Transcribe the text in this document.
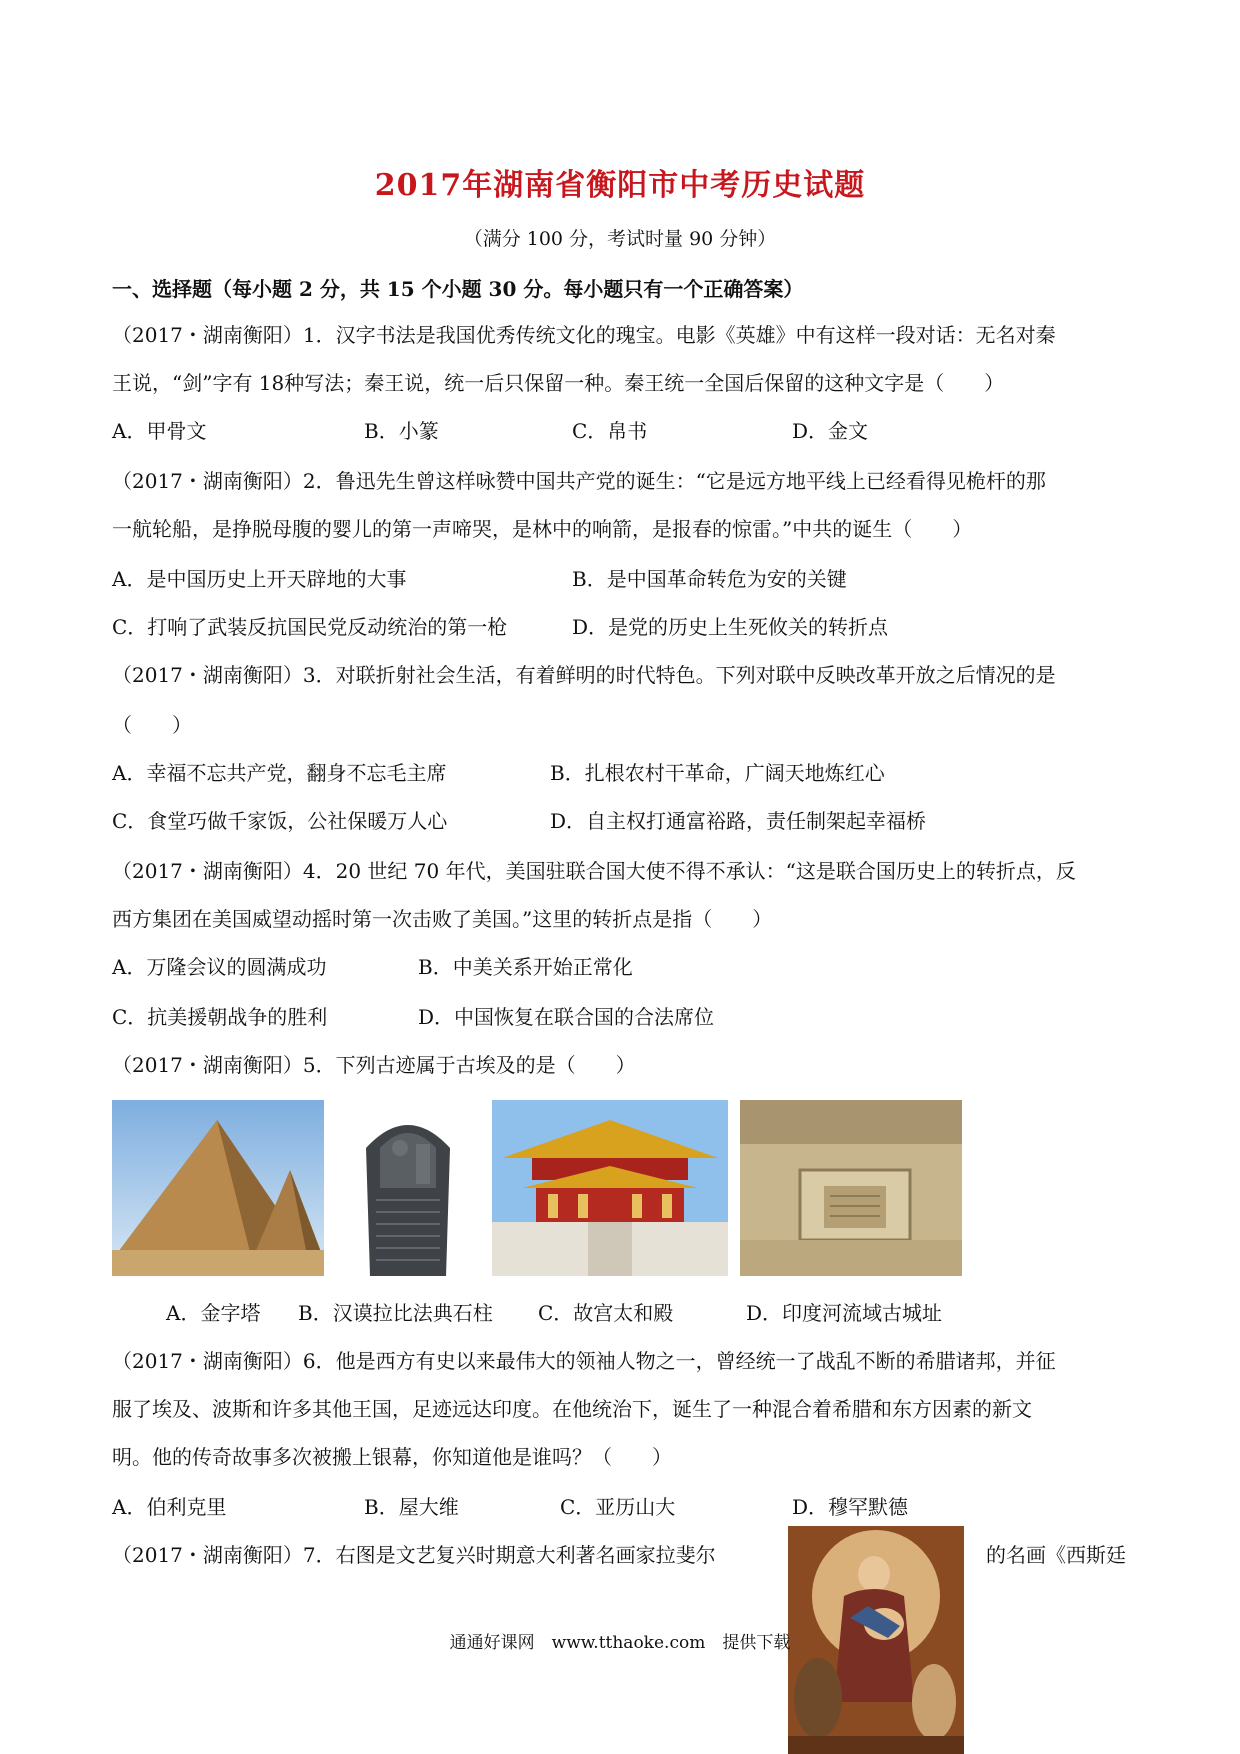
2017年湖南省衡阳市中考历史试题
（满分 100 分，考试时量 90 分钟）
一、选择题（每小题 2 分，共 15 个小题 30 分。每小题只有一个正确答案）
（2017・湖南衡阳）1．汉字书法是我国优秀传统文化的瑰宝。电影《英雄》中有这样一段对话：无名对秦
王说，“剑”字有 18种写法；秦王说，统一后只保留一种。秦王统一全国后保留的这种文字是（　　）
A．甲骨文	B．小篆	C．帛书	D．金文
（2017・湖南衡阳）2．鲁迅先生曾这样咏赞中国共产党的诞生：“它是远方地平线上已经看得见桅杆的那
一航轮船，是挣脱母腹的婴儿的第一声啼哭，是林中的响箭，是报春的惊雷。”中共的诞生（　　）
A．是中国历史上开天辟地的大事	B．是中国革命转危为安的关键
C．打响了武装反抗国民党反动统治的第一枪	D．是党的历史上生死攸关的转折点
（2017・湖南衡阳）3．对联折射社会生活，有着鲜明的时代特色。下列对联中反映改革开放之后情况的是
（　　）
A．幸福不忘共产党，翻身不忘毛主席	B．扎根农村干革命，广阔天地炼红心
C．食堂巧做千家饭，公社保暖万人心	D．自主权打通富裕路，责任制架起幸福桥
（2017・湖南衡阳）4．20 世纪 70 年代，美国驻联合国大使不得不承认：“这是联合国历史上的转折点，反
西方集团在美国威望动摇时第一次击败了美国。”这里的转折点是指（　　）
A．万隆会议的圆满成功	B．中美关系开始正常化
C．抗美援朝战争的胜利	D．中国恢复在联合国的合法席位
（2017・湖南衡阳）5．下列古迹属于古埃及的是（　　）
A．金字塔 B．汉谟拉比法典石柱 C．故宫太和殿	D．印度河流域古城址
（2017・湖南衡阳）6．他是西方有史以来最伟大的领袖人物之一，曾经统一了战乱不断的希腊诸邦，并征
服了埃及、波斯和许多其他王国，足迹远达印度。在他统治下，诞生了一种混合着希腊和东方因素的新文
明。他的传奇故事多次被搬上银幕，你知道他是谁吗？（　　）
A．伯利克里	B．屋大维	C．亚历山大	D．穆罕默德
（2017・湖南衡阳）7．右图是文艺复兴时期意大利著名画家拉斐尔	的名画《西斯廷
通通好课网　www.tthaoke.com　提供下载
